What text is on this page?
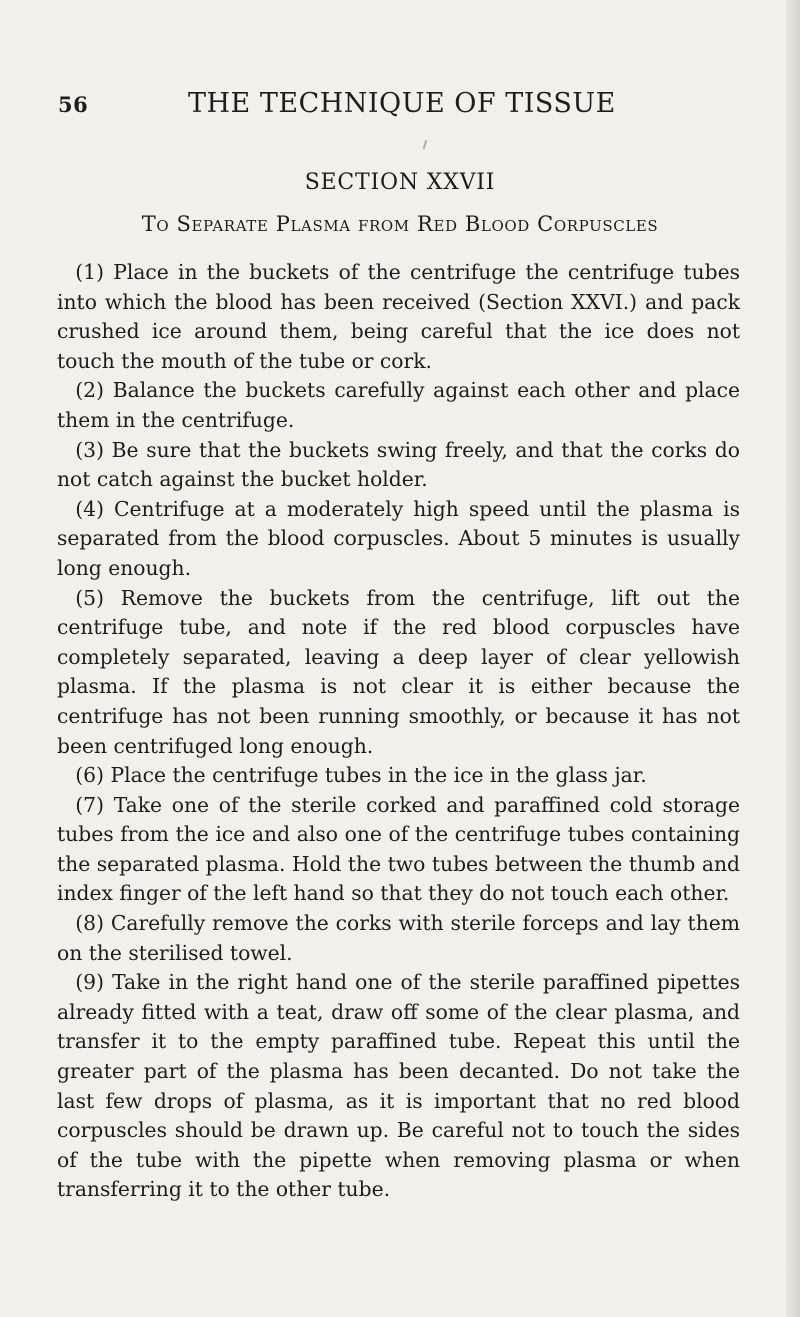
56	THE TECHNIQUE OF TISSUE
SECTION XXVII
To Separate Plasma from Red Blood Corpuscles

(1) Place in the buckets of the centrifuge the centrifuge tubes into which the blood has been received (Section XXVI.) and pack crushed ice around them, being careful that the ice does not touch the mouth of the tube or cork.

(2) Balance the buckets carefully against each other and place them in the centrifuge.

(3) Be sure that the buckets swing freely, and that the corks do not catch against the bucket holder.

(4) Centrifuge at a moderately high speed until the plasma is separated from the blood corpuscles. About 5 minutes is usually long enough.

(5) Remove the buckets from the centrifuge, lift out the centrifuge tube, and note if the red blood corpuscles have completely separated, leaving a deep layer of clear yellowish plasma. If the plasma is not clear it is either because the centrifuge has not been running smoothly, or because it has not been centrifuged long enough.

(6) Place the centrifuge tubes in the ice in the glass jar.

(7) Take one of the sterile corked and paraffined cold storage tubes from the ice and also one of the centrifuge tubes containing the separated plasma. Hold the two tubes between the thumb and index finger of the left hand so that they do not touch each other.

(8) Carefully remove the corks with sterile forceps and lay them on the sterilised towel.

(9) Take in the right hand one of the sterile paraffined pipettes already fitted with a teat, draw off some of the clear plasma, and transfer it to the empty paraffined tube. Repeat this until the greater part of the plasma has been decanted. Do not take the last few drops of plasma, as it is important that no red blood corpuscles should be drawn up. Be careful not to touch the sides of the tube with the pipette when removing plasma or when transferring it to the other tube.
